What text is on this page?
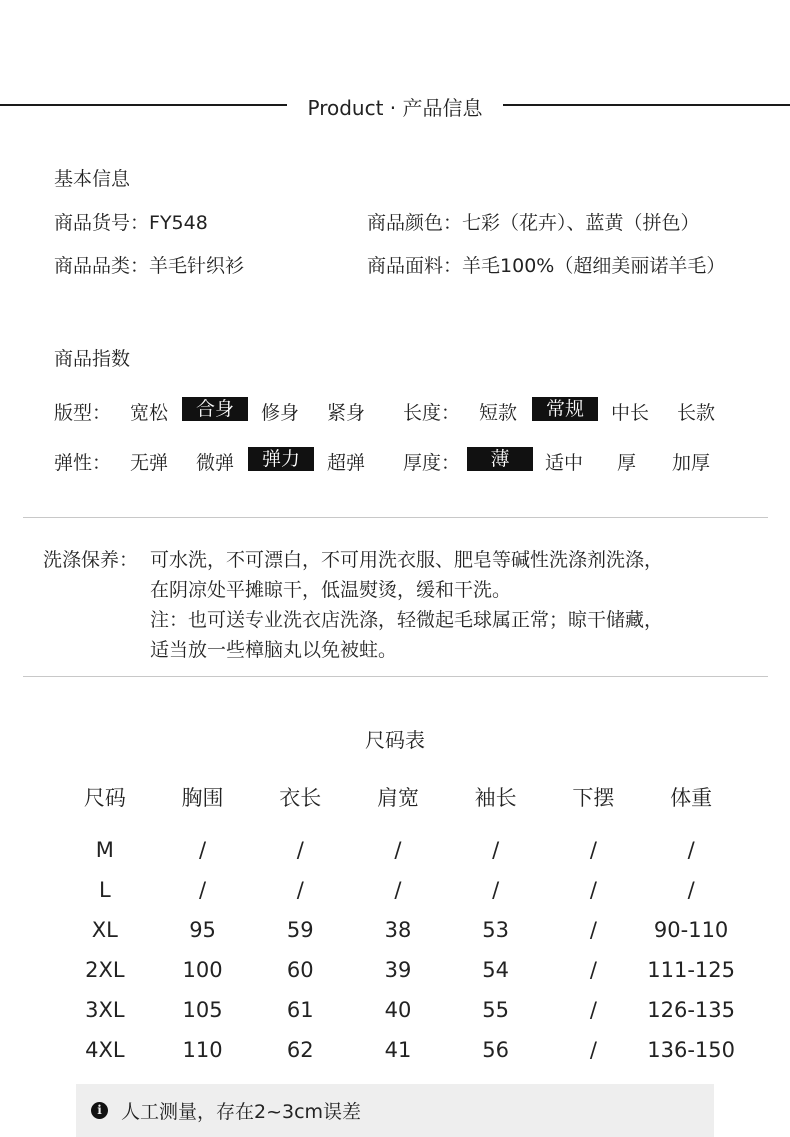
Product · 产品信息
基本信息
商品货号：FY548	商品颜色：七彩（花卉）、蓝黄（拼色）
商品品类：羊毛针织衫	商品面料：羊毛100%（超细美丽诺羊毛）
商品指数
版型： 宽松	合身	修身 紧身 长度： 短款	常规	中长 长款
弹性： 无弹 微弹	弹力	超弹 厚度：	薄	适中 厚 加厚
洗涤保养： 可水洗，不可漂白，不可用洗衣服、肥皂等碱性洗涤剂洗涤，
在阴凉处平摊晾干，低温熨烫，缓和干洗。
注：也可送专业洗衣店洗涤，轻微起毛球属正常；晾干储藏，
适当放一些樟脑丸以免被蛀。
尺码表
尺码	胸围	衣长	肩宽	袖长	下摆	体重

M	/	/	/	/	/	/
L	/	/	/	/	/	/
XL	95	59	38	53	/	90-110
2XL	100	60	39	54	/	111-125
3XL	105	61	40	55	/	126-135
4XL	110	62	41	56	/	136-150
i	人工测量，存在2~3cm误差
